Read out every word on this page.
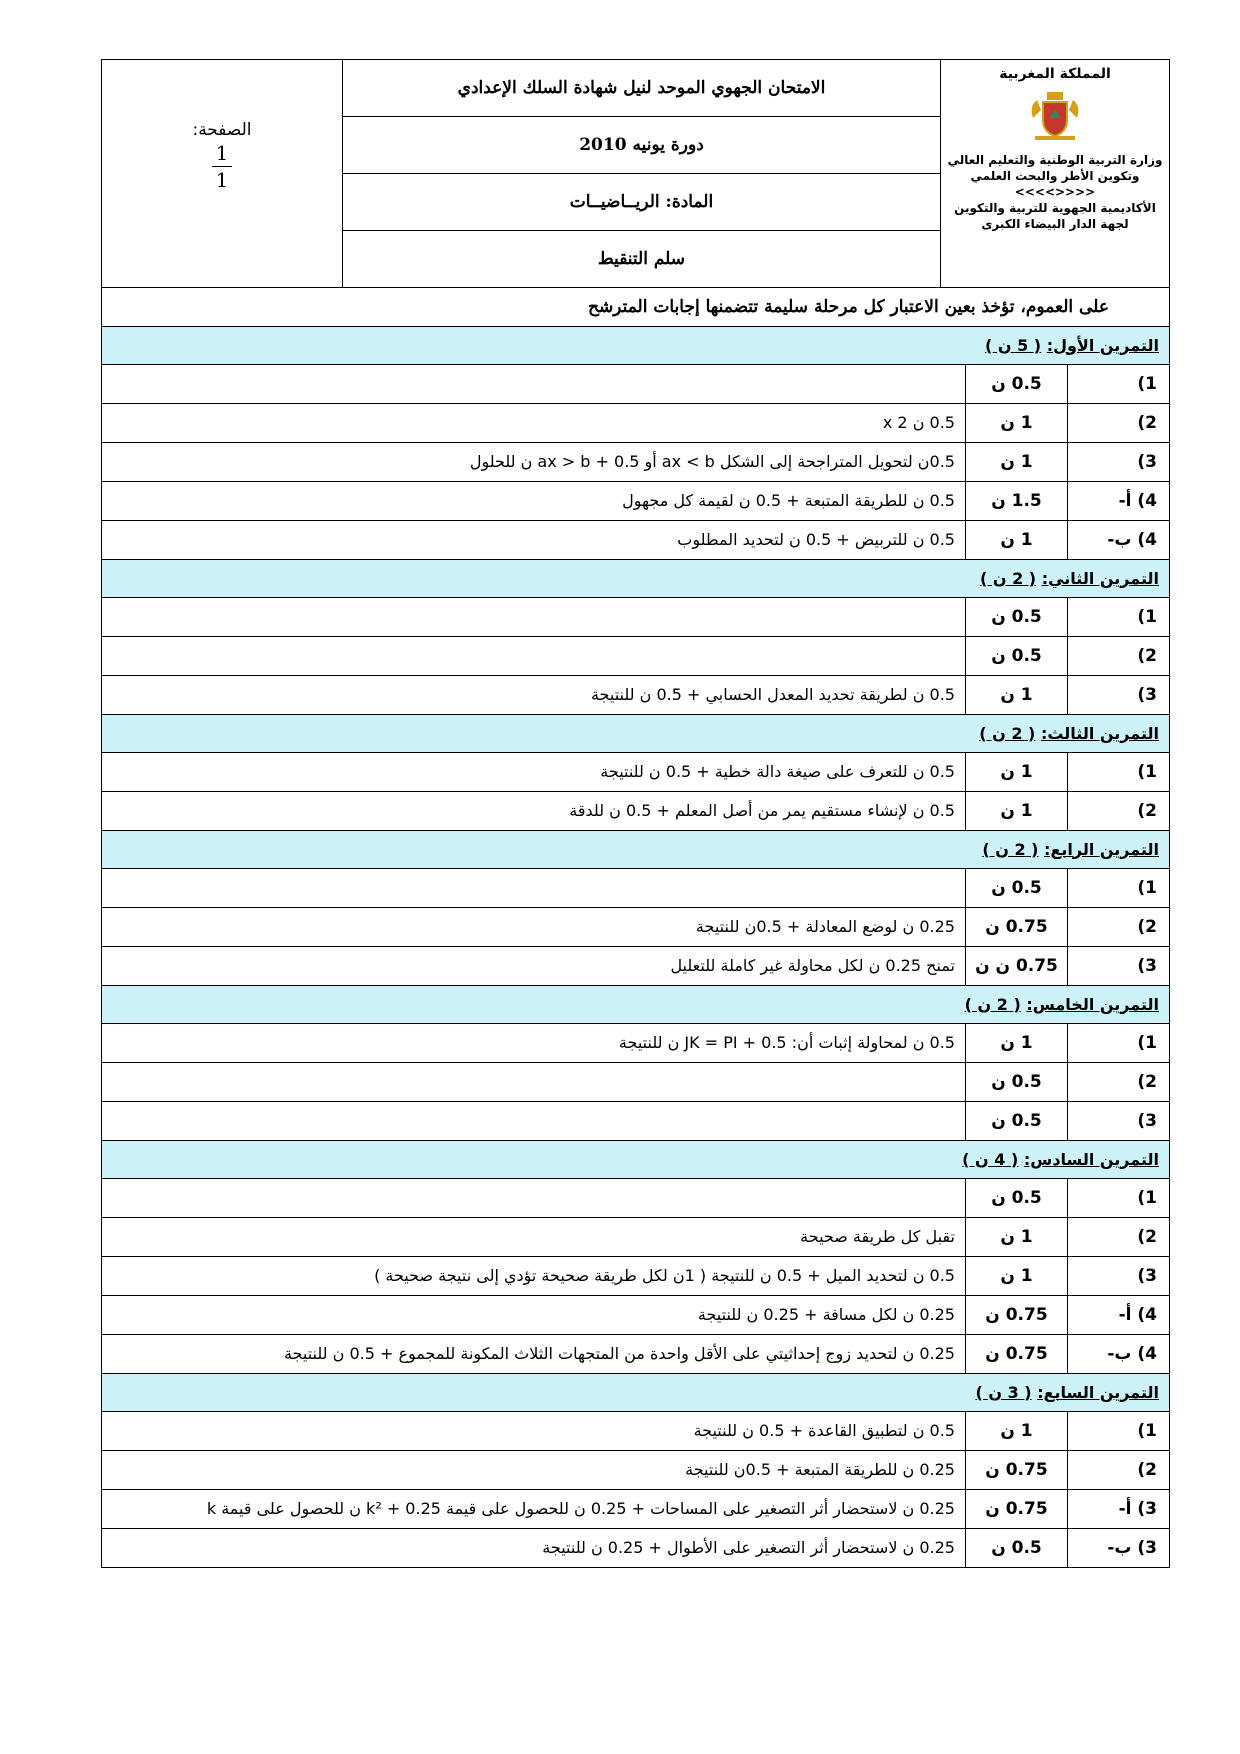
الصفحة:
$\frac{1}{1}$
	الامتحان الجهوي الموحد لنيل شهادة السلك الإعدادي	
المملكة المغربية
وزارة التربية الوطنية والتعليم العالي
وتكوين الأطر والبحث العلمي
<<<<>>>>
الأكاديمية الجهوية للتربية والتكوين
لجهة الدار البيضاء الكبرى

دورة يونيه 2010
المادة: الريــاضيــات
سلم التنقيط
على العموم، تؤخذ بعين الاعتبار كل مرحلة سليمة تتضمنها إجابات المترشح
التمرين الأول: ( 5 ن )		
	0.5 ن	1)
0.5 ن x 2	1 ن	2)
0.5ن لتحويل المتراجحة إلى الشكل ax < b أو ax > b + 0.5 ن للحلول	1 ن	3)
0.5 ن للطريقة المتبعة + 0.5 ن لقيمة كل مجهول	1.5 ن	4) أ-
0.5 ن للتربيض + 0.5 ن لتحديد المطلوب	1 ن	4) ب-
التمرين الثاني: ( 2 ن )		
	0.5 ن	1)
	0.5 ن	2)
0.5 ن لطريقة تحديد المعدل الحسابي + 0.5 ن للنتيجة	1 ن	3)
التمرين الثالث: ( 2 ن )		
0.5 ن للتعرف على صيغة دالة خطية + 0.5 ن للنتيجة	1 ن	1)
0.5 ن لإنشاء مستقيم يمر من أصل المعلم + 0.5 ن للدقة	1 ن	2)
التمرين الرابع: ( 2 ن )		
	0.5 ن	1)
0.25 ن لوضع المعادلة + 0.5ن للنتيجة	0.75 ن	2)
تمنح 0.25 ن لكل محاولة غير كاملة للتعليل	0.75 ن ن	3)
التمرين الخامس: ( 2 ن )		
0.5 ن لمحاولة إثبات أن: JK = PI + 0.5 ن للنتيجة	1 ن	1)
	0.5 ن	2)
	0.5 ن	3)
التمرين السادس: ( 4 ن )		
	0.5 ن	1)
تقبل كل طريقة صحيحة	1 ن	2)
0.5 ن لتحديد الميل + 0.5 ن للنتيجة ( 1ن لكل طريقة صحيحة تؤدي إلى نتيجة صحيحة )	1 ن	3)
0.25 ن لكل مسافة + 0.25 ن للنتيجة	0.75 ن	4) أ-
0.25 ن لتحديد زوج إحداثيتي على الأقل واحدة من المتجهات الثلاث المكونة للمجموع + 0.5 ن للنتيجة	0.75 ن	4) ب-
التمرين السابع: ( 3 ن )		
0.5 ن لتطبيق القاعدة + 0.5 ن للنتيجة	1 ن	1)
0.25 ن للطريقة المتبعة + 0.5ن للنتيجة	0.75 ن	2)
0.25 ن لاستحضار أثر التصغير على المساحات + 0.25 ن للحصول على قيمة k² + 0.25 ن للحصول على قيمة k	0.75 ن	3) أ-
0.25 ن لاستحضار أثر التصغير على الأطوال + 0.25 ن للنتيجة	0.5 ن	3) ب-
